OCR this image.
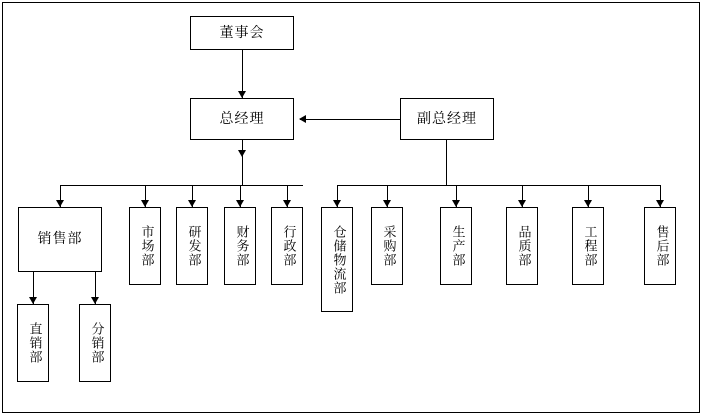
董事会
总经理	副总经理
销售部	市场部	研发部	财务部	行政部	仓储物流部	采购部	生产部	品质部	工程部	售后部
直销部	分销部
